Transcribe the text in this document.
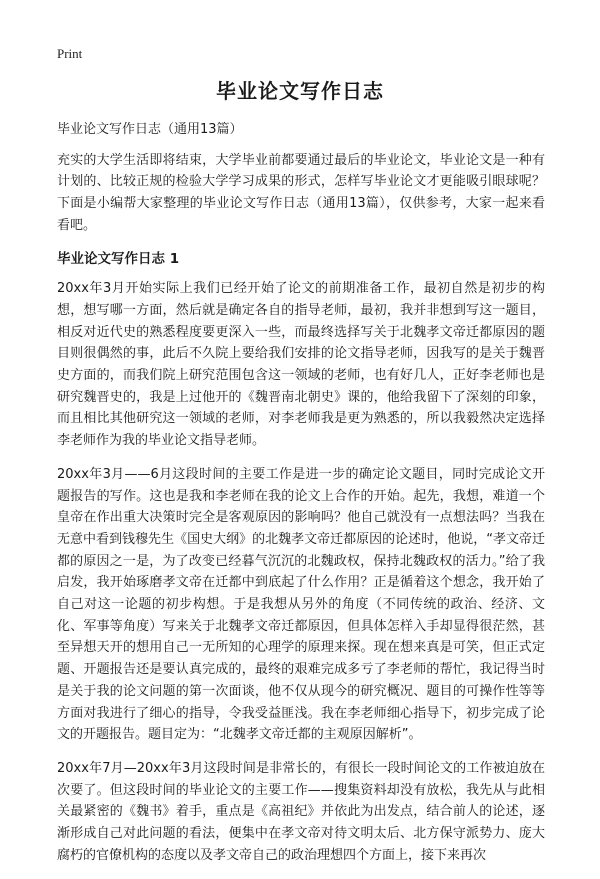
Print
毕业论文写作日志

毕业论文写作日志（通用13篇）

充实的大学生活即将结束，大学毕业前都要通过最后的毕业论文，毕业论文是一种有计划的、比较正规的检验大学学习成果的形式，怎样写毕业论文才更能吸引眼球呢？下面是小编帮大家整理的毕业论文写作日志（通用13篇），仅供参考，大家一起来看看吧。

毕业论文写作日志 1

20xx年3月开始实际上我们已经开始了论文的前期准备工作，最初自然是初步的构想，想写哪一方面，然后就是确定各自的指导老师，最初，我并非想到写这一题目，相反对近代史的熟悉程度要更深入一些，而最终选择写关于北魏孝文帝迁都原因的题目则很偶然的事，此后不久院上要给我们安排的论文指导老师，因我写的是关于魏晋史方面的，而我们院上研究范围包含这一领域的老师，也有好几人，正好李老师也是研究魏晋史的，我是上过他开的《魏晋南北朝史》课的，他给我留下了深刻的印象，而且相比其他研究这一领域的老师，对李老师我是更为熟悉的，所以我毅然决定选择李老师作为我的毕业论文指导老师。

20xx年3月——6月这段时间的主要工作是进一步的确定论文题目，同时完成论文开题报告的写作。这也是我和李老师在我的论文上合作的开始。起先，我想，难道一个皇帝在作出重大决策时完全是客观原因的影响吗？他自己就没有一点想法吗？当我在无意中看到钱穆先生《国史大纲》的北魏孝文帝迁都原因的论述时，他说，“孝文帝迁都的原因之一是，为了改变已经暮气沉沉的北魏政权，保持北魏政权的活力。”给了我启发，我开始琢磨孝文帝在迁都中到底起了什么作用？正是循着这个想念，我开始了自己对这一论题的初步构想。于是我想从另外的角度（不同传统的政治、经济、文化、军事等角度）写来关于北魏孝文帝迁都原因，但具体怎样入手却显得很茫然，甚至异想天开的想用自己一无所知的心理学的原理来探。现在想来真是可笑，但正式定题、开题报告还是要认真完成的，最终的艰难完成多亏了李老师的帮忙，我记得当时是关于我的论文问题的第一次面谈，他不仅从现今的研究概况、题目的可操作性等等方面对我进行了细心的指导，令我受益匪浅。我在李老师细心指导下，初步完成了论文的开题报告。题目定为：“北魏孝文帝迁都的主观原因解析”。

20xx年7月—20xx年3月这段时间是非常长的，有很长一段时间论文的工作被迫放在次要了。但这段时间的毕业论文的主要工作——搜集资料却没有放松，我先从与此相关最紧密的《魏书》着手，重点是《高祖纪》并依此为出发点，结合前人的论述，逐渐形成自己对此问题的看法，便集中在孝文帝对待文明太后、北方保守派势力、庞大腐朽的官僚机构的态度以及孝文帝自己的政治理想四个方面上，接下来再次
